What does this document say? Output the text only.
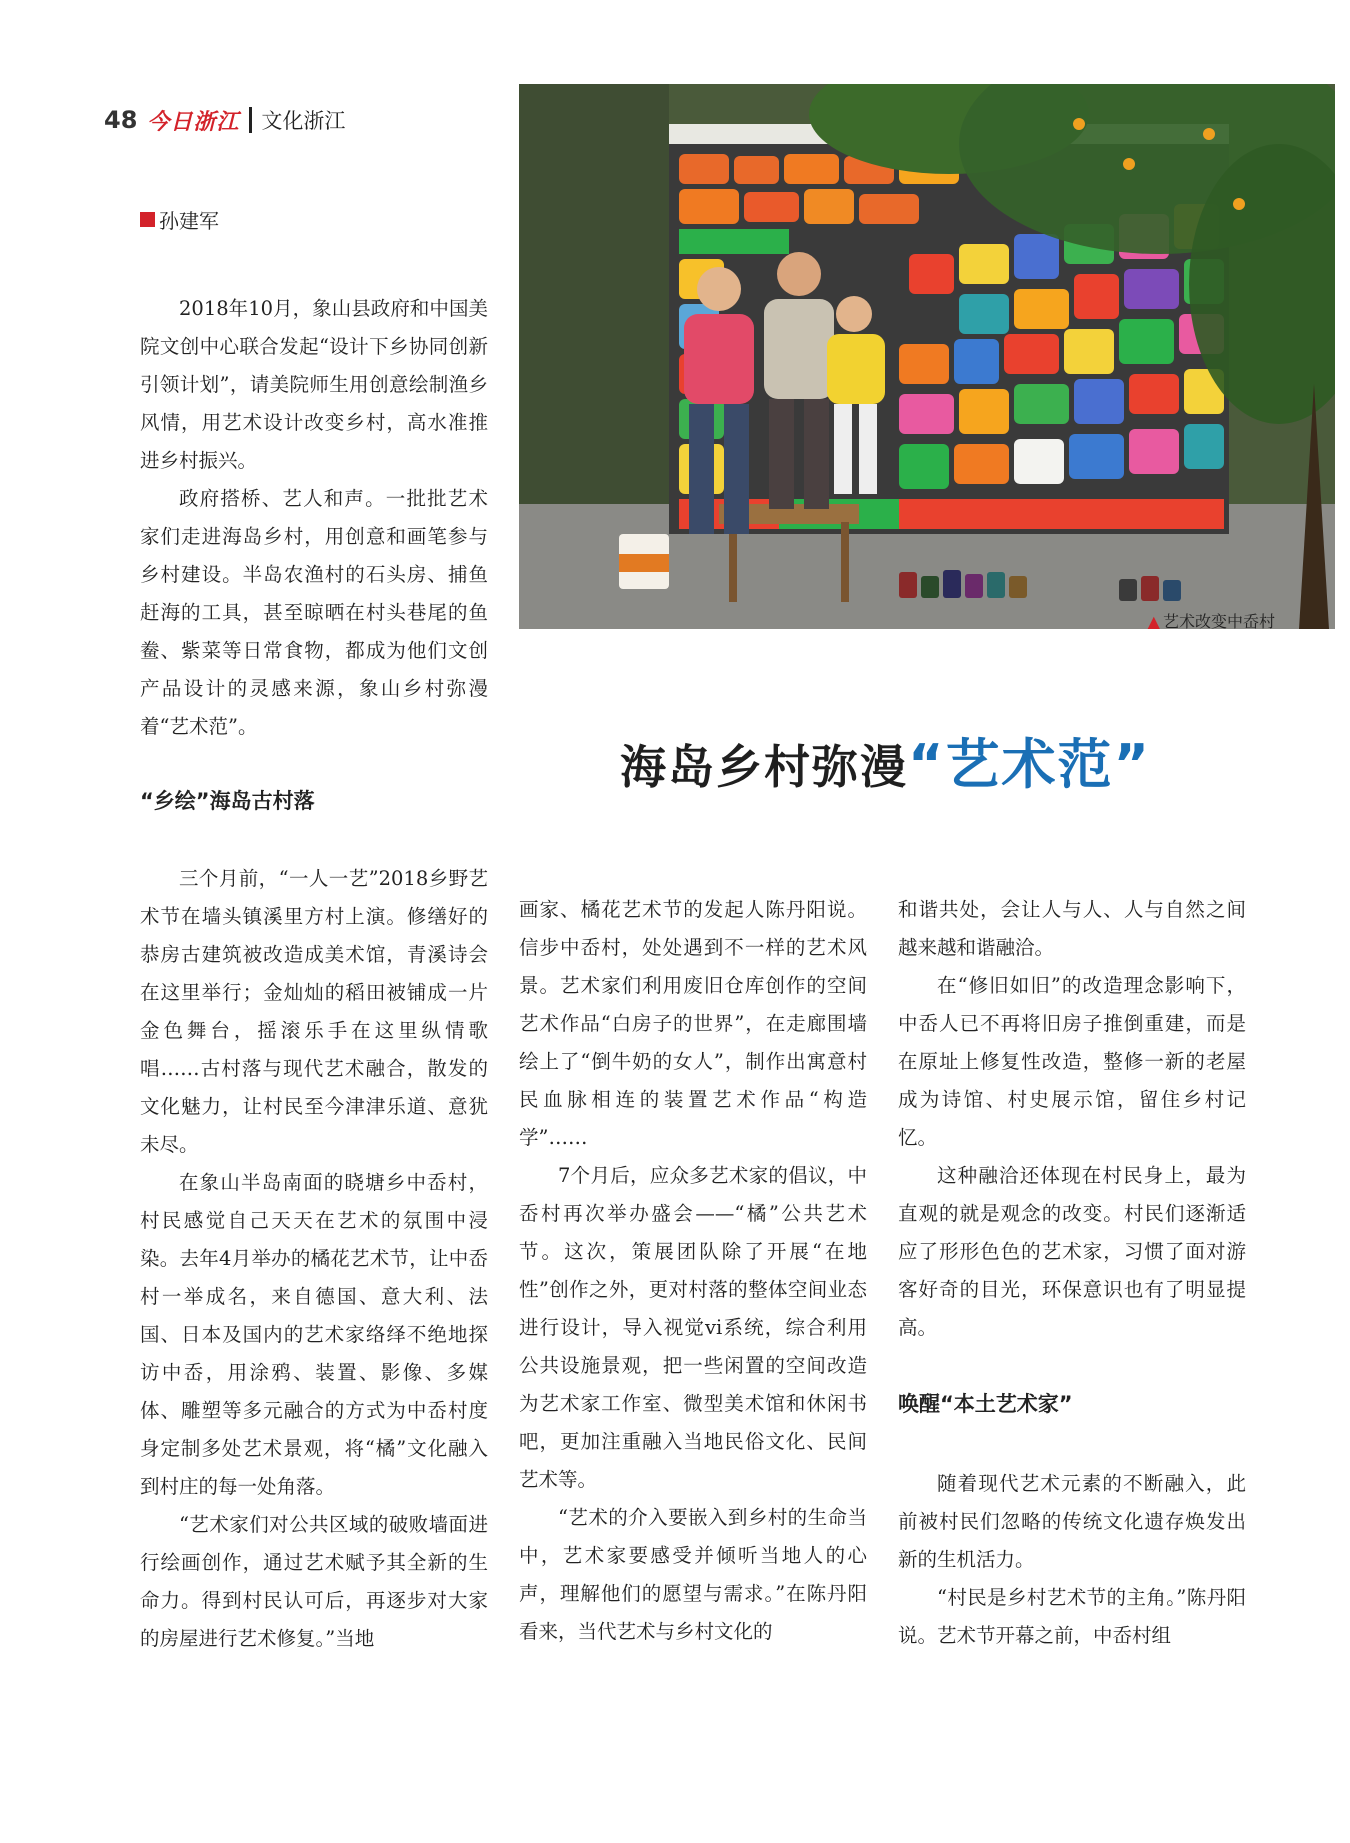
48 今日浙江 文化浙江
孙建军
▲ 艺术改变中岙村
海岛乡村弥漫“艺术范”

2018年10月，象山县政府和中国美院文创中心联合发起“设计下乡协同创新引领计划”，请美院师生用创意绘制渔乡风情，用艺术设计改变乡村，高水准推进乡村振兴。

政府搭桥、艺人和声。一批批艺术家们走进海岛乡村，用创意和画笔参与乡村建设。半岛农渔村的石头房、捕鱼赶海的工具，甚至晾晒在村头巷尾的鱼鲞、紫菜等日常食物，都成为他们文创产品设计的灵感来源，象山乡村弥漫着“艺术范”。

“乡绘”海岛古村落

三个月前，“一人一艺”2018乡野艺术节在墙头镇溪里方村上演。修缮好的恭房古建筑被改造成美术馆，青溪诗会在这里举行；金灿灿的稻田被铺成一片金色舞台，摇滚乐手在这里纵情歌唱……古村落与现代艺术融合，散发的文化魅力，让村民至今津津乐道、意犹未尽。

在象山半岛南面的晓塘乡中岙村，村民感觉自己天天在艺术的氛围中浸染。去年4月举办的橘花艺术节，让中岙村一举成名，来自德国、意大利、法国、日本及国内的艺术家络绎不绝地探访中岙，用涂鸦、装置、影像、多媒体、雕塑等多元融合的方式为中岙村度身定制多处艺术景观，将“橘”文化融入到村庄的每一处角落。

“艺术家们对公共区域的破败墙面进行绘画创作，通过艺术赋予其全新的生命力。得到村民认可后，再逐步对大家的房屋进行艺术修复。”当地

画家、橘花艺术节的发起人陈丹阳说。信步中岙村，处处遇到不一样的艺术风景。艺术家们利用废旧仓库创作的空间艺术作品“白房子的世界”，在走廊围墙绘上了“倒牛奶的女人”，制作出寓意村民血脉相连的装置艺术作品“构造学”……

7个月后，应众多艺术家的倡议，中岙村再次举办盛会——“橘”公共艺术节。这次，策展团队除了开展“在地性”创作之外，更对村落的整体空间业态进行设计，导入视觉vi系统，综合利用公共设施景观，把一些闲置的空间改造为艺术家工作室、微型美术馆和休闲书吧，更加注重融入当地民俗文化、民间艺术等。

“艺术的介入要嵌入到乡村的生命当中，艺术家要感受并倾听当地人的心声，理解他们的愿望与需求。”在陈丹阳看来，当代艺术与乡村文化的

和谐共处，会让人与人、人与自然之间越来越和谐融洽。

在“修旧如旧”的改造理念影响下，中岙人已不再将旧房子推倒重建，而是在原址上修复性改造，整修一新的老屋成为诗馆、村史展示馆，留住乡村记忆。

这种融洽还体现在村民身上，最为直观的就是观念的改变。村民们逐渐适应了形形色色的艺术家，习惯了面对游客好奇的目光，环保意识也有了明显提高。

唤醒“本土艺术家”

随着现代艺术元素的不断融入，此前被村民们忽略的传统文化遗存焕发出新的生机活力。

“村民是乡村艺术节的主角。”陈丹阳说。艺术节开幕之前，中岙村组
